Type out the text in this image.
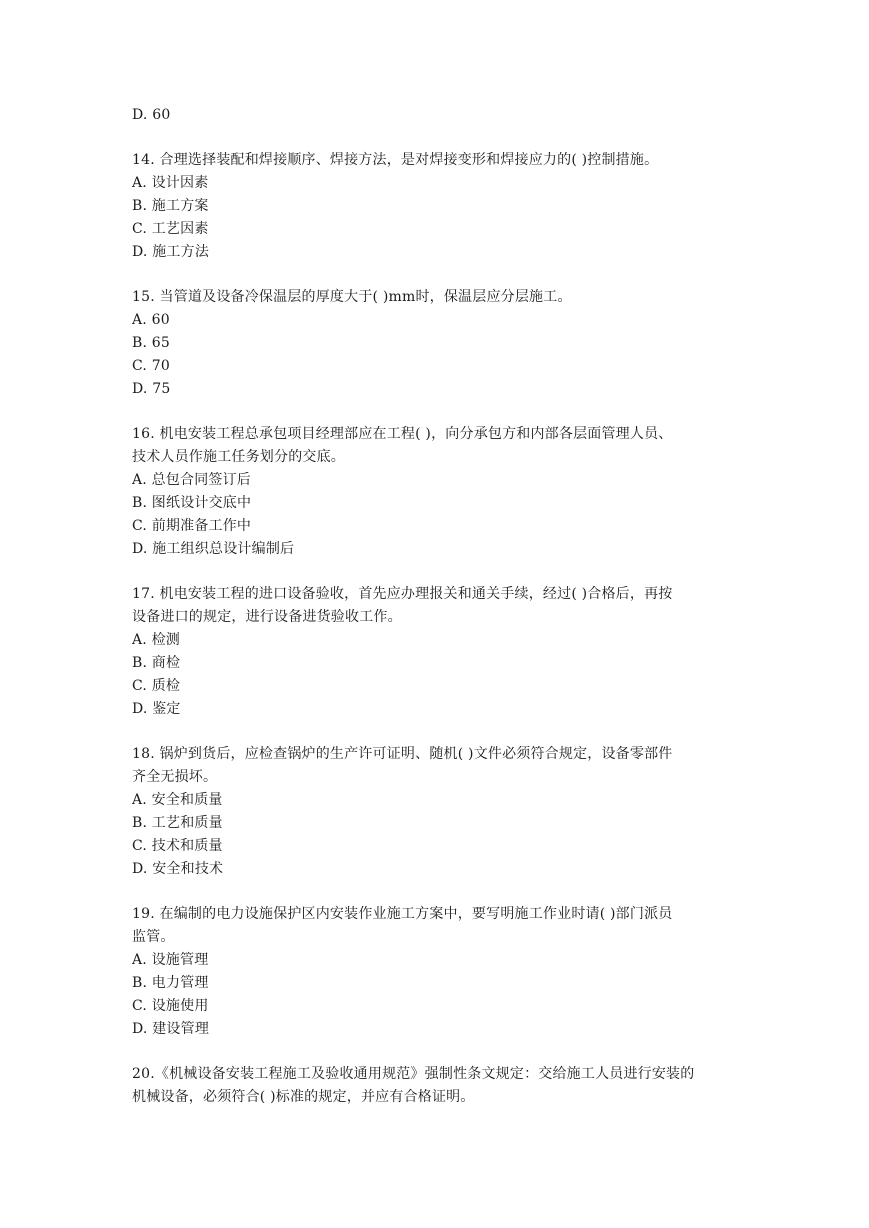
D. 60
14. 合理选择装配和焊接顺序、焊接方法，是对焊接变形和焊接应力的( )控制措施。
A. 设计因素
B. 施工方案
C. 工艺因素
D. 施工方法
15. 当管道及设备冷保温层的厚度大于( )mm时，保温层应分层施工。
A. 60
B. 65
C. 70
D. 75
16. 机电安装工程总承包项目经理部应在工程( )，向分承包方和内部各层面管理人员、
技术人员作施工任务划分的交底。
A. 总包合同签订后
B. 图纸设计交底中
C. 前期准备工作中
D. 施工组织总设计编制后
17. 机电安装工程的进口设备验收，首先应办理报关和通关手续，经过( )合格后，再按
设备进口的规定，进行设备进货验收工作。
A. 检测
B. 商检
C. 质检
D. 鉴定
18. 锅炉到货后，应检查锅炉的生产许可证明、随机( )文件必须符合规定，设备零部件
齐全无损坏。
A. 安全和质量
B. 工艺和质量
C. 技术和质量
D. 安全和技术
19. 在编制的电力设施保护区内安装作业施工方案中，要写明施工作业时请( )部门派员
监管。
A. 设施管理
B. 电力管理
C. 设施使用
D. 建设管理
20.《机械设备安装工程施工及验收通用规范》强制性条文规定：交给施工人员进行安装的
机械设备，必须符合( )标准的规定，并应有合格证明。
